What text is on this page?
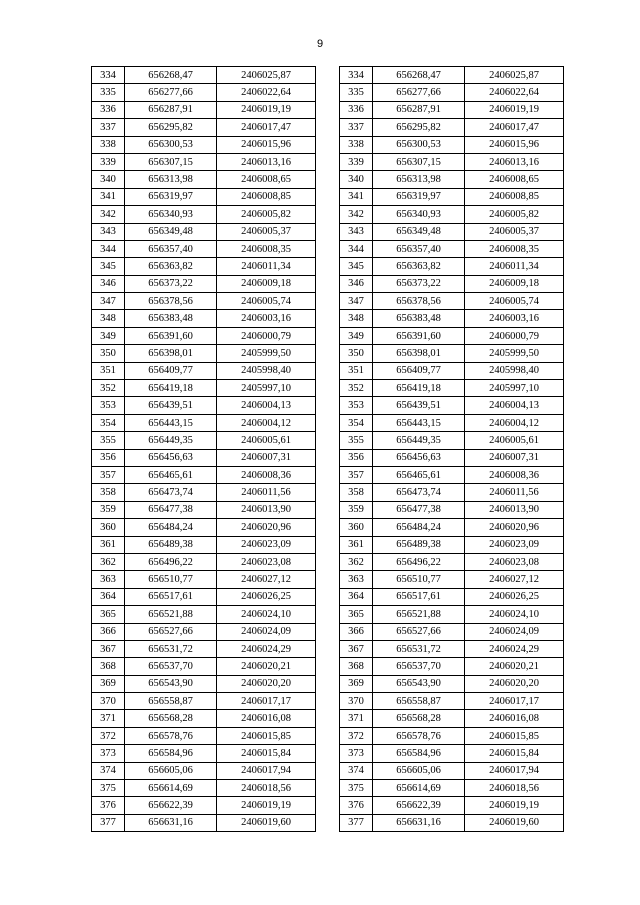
9
334	656268,47	2406025,87
335	656277,66	2406022,64
336	656287,91	2406019,19
337	656295,82	2406017,47
338	656300,53	2406015,96
339	656307,15	2406013,16
340	656313,98	2406008,65
341	656319,97	2406008,85
342	656340,93	2406005,82
343	656349,48	2406005,37
344	656357,40	2406008,35
345	656363,82	2406011,34
346	656373,22	2406009,18
347	656378,56	2406005,74
348	656383,48	2406003,16
349	656391,60	2406000,79
350	656398,01	2405999,50
351	656409,77	2405998,40
352	656419,18	2405997,10
353	656439,51	2406004,13
354	656443,15	2406004,12
355	656449,35	2406005,61
356	656456,63	2406007,31
357	656465,61	2406008,36
358	656473,74	2406011,56
359	656477,38	2406013,90
360	656484,24	2406020,96
361	656489,38	2406023,09
362	656496,22	2406023,08
363	656510,77	2406027,12
364	656517,61	2406026,25
365	656521,88	2406024,10
366	656527,66	2406024,09
367	656531,72	2406024,29
368	656537,70	2406020,21
369	656543,90	2406020,20
370	656558,87	2406017,17
371	656568,28	2406016,08
372	656578,76	2406015,85
373	656584,96	2406015,84
374	656605,06	2406017,94
375	656614,69	2406018,56
376	656622,39	2406019,19
377	656631,16	2406019,60
334	656268,47	2406025,87
335	656277,66	2406022,64
336	656287,91	2406019,19
337	656295,82	2406017,47
338	656300,53	2406015,96
339	656307,15	2406013,16
340	656313,98	2406008,65
341	656319,97	2406008,85
342	656340,93	2406005,82
343	656349,48	2406005,37
344	656357,40	2406008,35
345	656363,82	2406011,34
346	656373,22	2406009,18
347	656378,56	2406005,74
348	656383,48	2406003,16
349	656391,60	2406000,79
350	656398,01	2405999,50
351	656409,77	2405998,40
352	656419,18	2405997,10
353	656439,51	2406004,13
354	656443,15	2406004,12
355	656449,35	2406005,61
356	656456,63	2406007,31
357	656465,61	2406008,36
358	656473,74	2406011,56
359	656477,38	2406013,90
360	656484,24	2406020,96
361	656489,38	2406023,09
362	656496,22	2406023,08
363	656510,77	2406027,12
364	656517,61	2406026,25
365	656521,88	2406024,10
366	656527,66	2406024,09
367	656531,72	2406024,29
368	656537,70	2406020,21
369	656543,90	2406020,20
370	656558,87	2406017,17
371	656568,28	2406016,08
372	656578,76	2406015,85
373	656584,96	2406015,84
374	656605,06	2406017,94
375	656614,69	2406018,56
376	656622,39	2406019,19
377	656631,16	2406019,60
